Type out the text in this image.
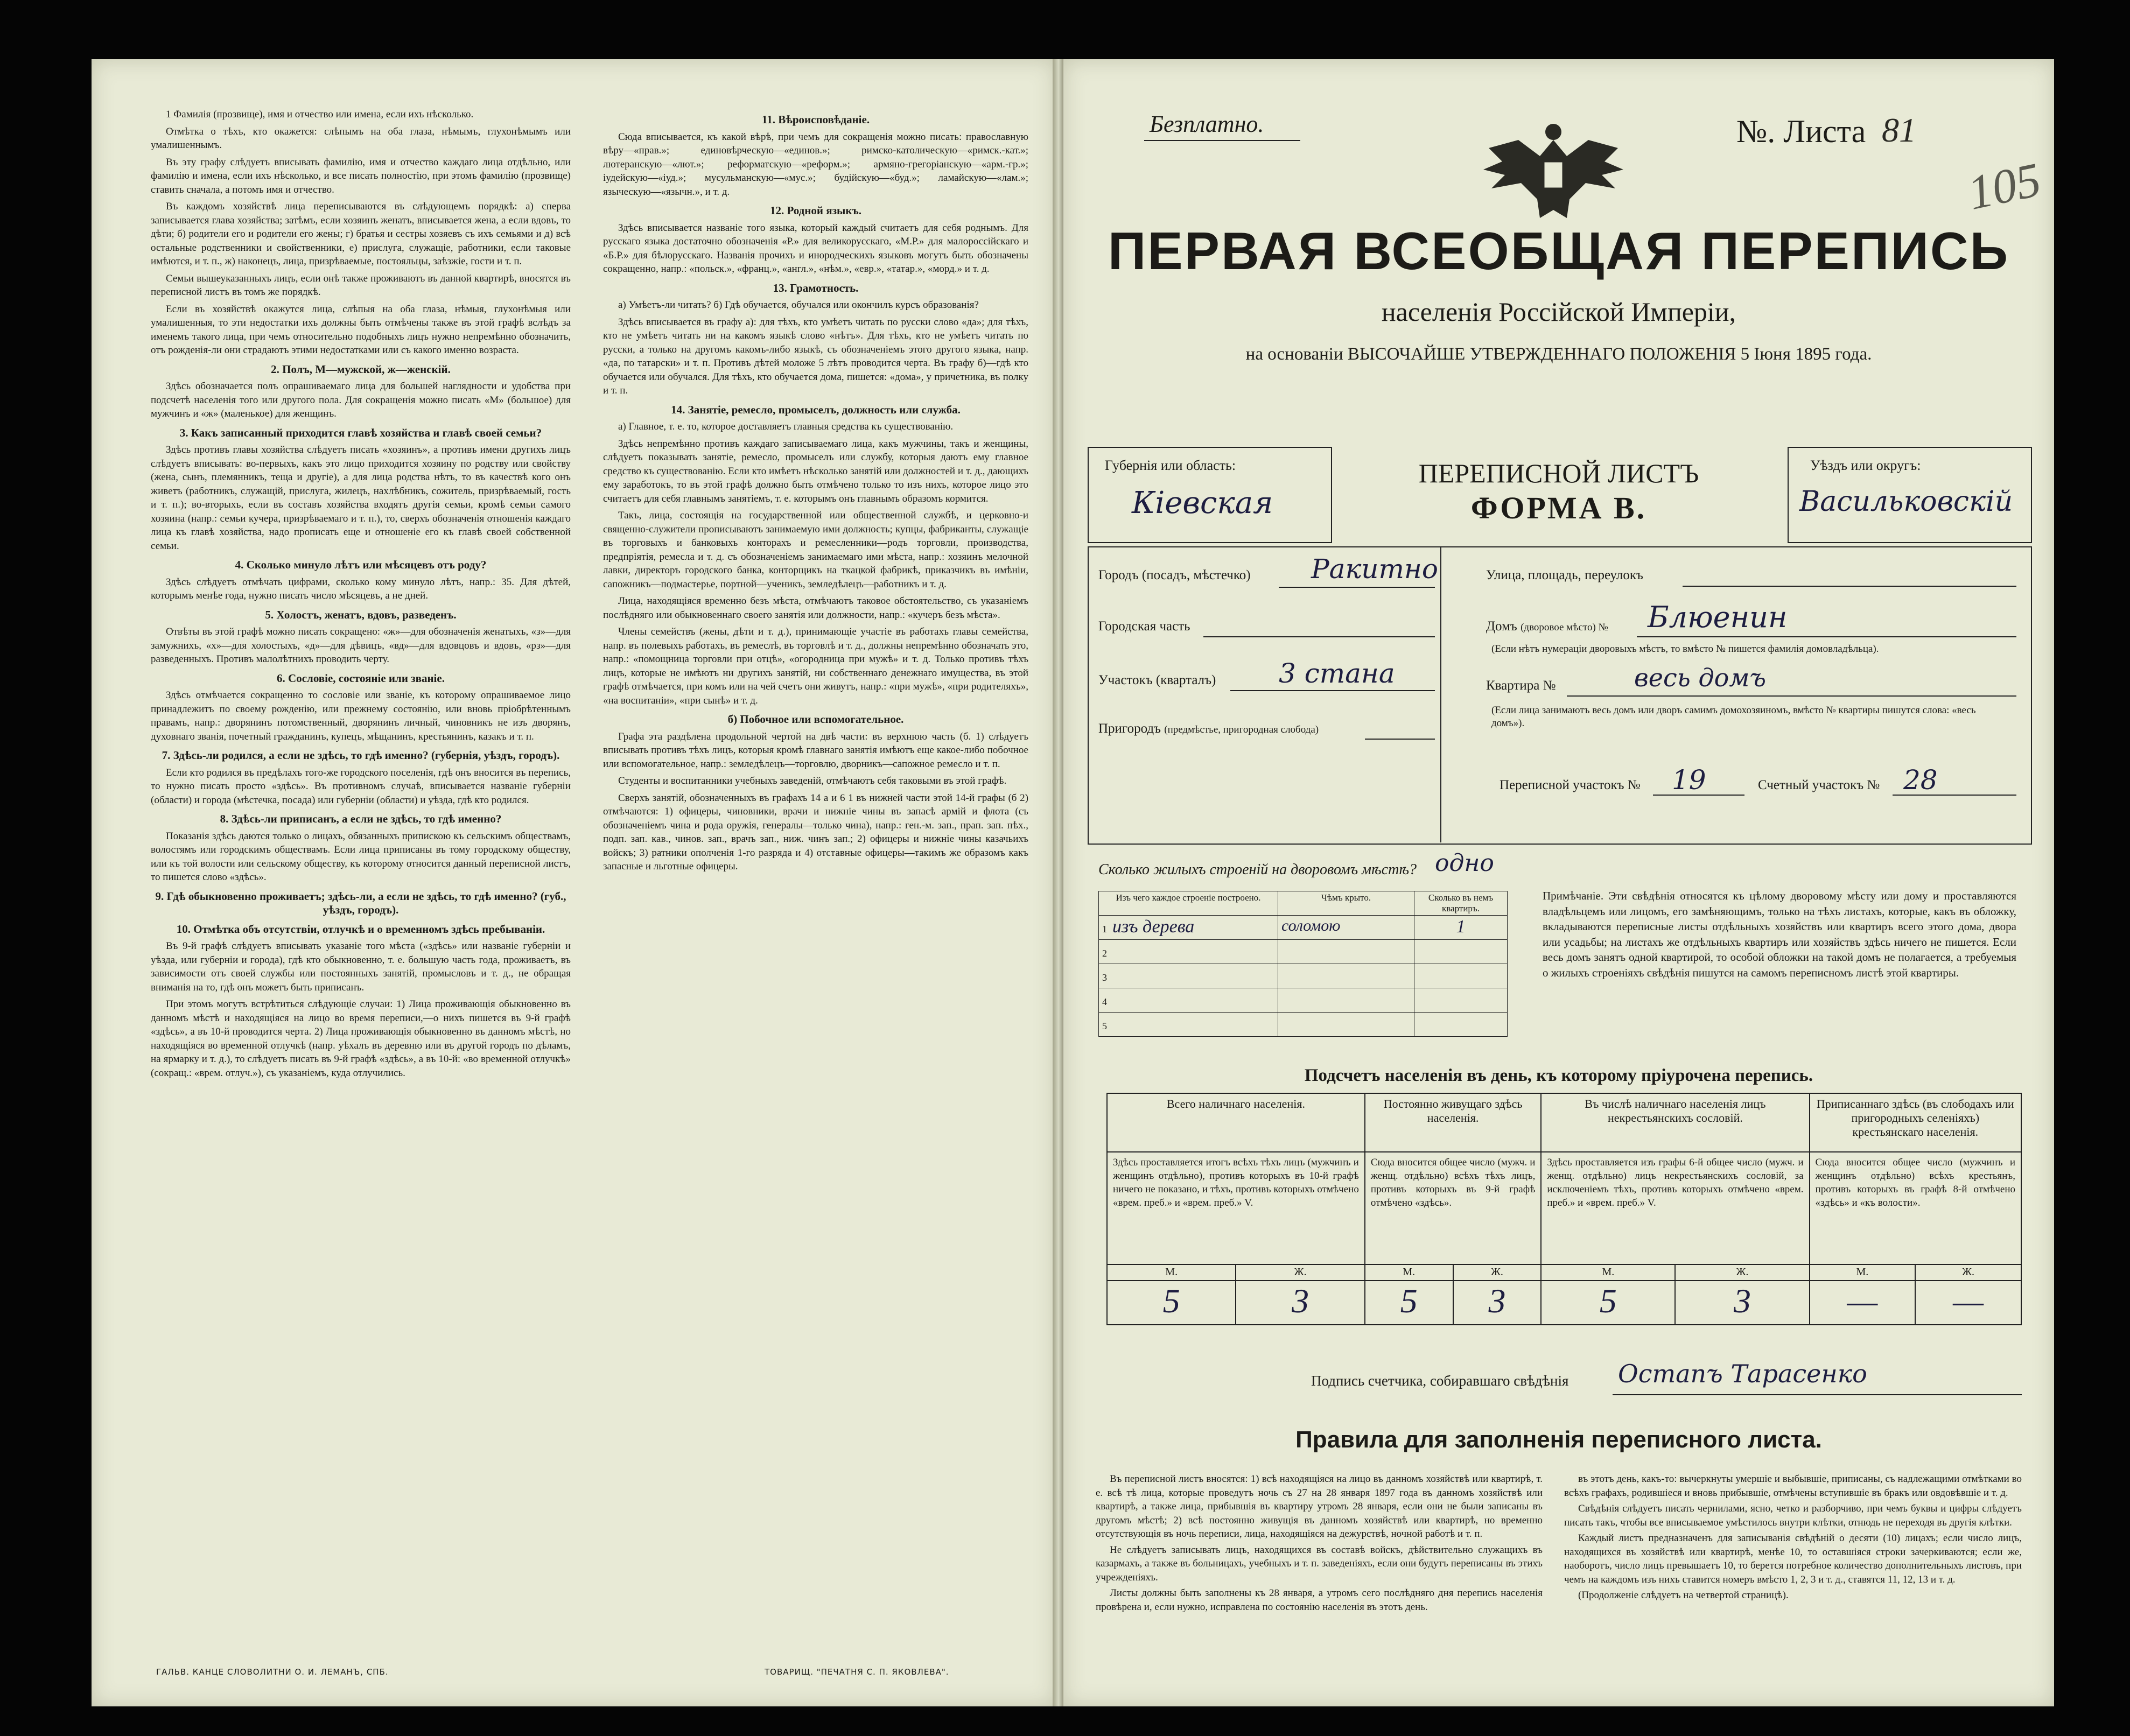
1 Фамилія (прозвище), имя и отчество или имена, если ихъ нѣсколько.

Отмѣтка о тѣхъ, кто окажется: слѣпымъ на оба глаза, нѣмымъ, глухонѣмымъ или умалишеннымъ.

Въ эту графу слѣдуетъ вписывать фамилію, имя и отчество каждаго лица отдѣльно, или фамилію и имена, если ихъ нѣсколько, и все писать полностію, при этомъ фамилію (прозвище) ставить сначала, а потомъ имя и отчество.

Въ каждомъ хозяйствѣ лица переписываются въ слѣдующемъ порядкѣ: а) сперва записывается глава хозяйства; затѣмъ, если хозяинъ женатъ, вписывается жена, а если вдовъ, то дѣти; б) родители его и родители его жены; г) братья и сестры хозяевъ съ ихъ семьями и д) всѣ остальные родственники и свойственники, е) прислуга, служащіе, работники, если таковые имѣются, и т. п., ж) наконецъ, лица, призрѣваемые, постояльцы, заѣзжіе, гости и т. п.

Семьи вышеуказанныхъ лицъ, если онѣ также проживаютъ въ данной квартирѣ, вносятся въ переписной листъ въ томъ же порядкѣ.

Если въ хозяйствѣ окажутся лица, слѣпыя на оба глаза, нѣмыя, глухонѣмыя или умалишенныя, то эти недостатки ихъ должны быть отмѣчены также въ этой графѣ вслѣдъ за именемъ такого лица, при чемъ относительно подобныхъ лицъ нужно непремѣнно обозначить, отъ рожденія-ли они страдаютъ этими недостатками или съ какого именно возраста.

2. Полъ, М—мужской, ж—женскій.

Здѣсь обозначается полъ опрашиваемаго лица для большей наглядности и удобства при подсчетѣ населенія того или другого пола. Для сокращенія можно писать «М» (большое) для мужчинъ и «ж» (маленькое) для женщинъ.

3. Какъ записанный приходится главѣ хозяйства и главѣ своей семьи?

Здѣсь противъ главы хозяйства слѣдуетъ писать «хозяинъ», а противъ имени другихъ лицъ слѣдуетъ вписывать: во-первыхъ, какъ это лицо приходится хозяину по родству или свойству (жена, сынъ, племянникъ, теща и другіе), а для лица родства нѣтъ, то въ качествѣ кого онъ живетъ (работникъ, служащій, прислуга, жилецъ, нахлѣбникъ, сожитель, призрѣваемый, гость и т. п.); во-вторыхъ, если въ составъ хозяйства входятъ другія семьи, кромѣ семьи самого хозяина (напр.: семьи кучера, призрѣваемаго и т. п.), то, сверхъ обозначенія отношенія каждаго лица къ главѣ хозяйства, надо прописать еще и отношеніе его къ главѣ своей собственной семьи.

4. Сколько минуло лѣтъ или мѣсяцевъ отъ роду?

Здѣсь слѣдуетъ отмѣчать цифрами, сколько кому минуло лѣтъ, напр.: 35. Для дѣтей, которымъ менѣе года, нужно писать число мѣсяцевъ, а не дней.

5. Холостъ, женатъ, вдовъ, разведенъ.

Отвѣты въ этой графѣ можно писать сокращено: «ж»—для обозначенія женатыхъ, «з»—для замужнихъ, «х»—для холостыхъ, «д»—для дѣвицъ, «вд»—для вдовцовъ и вдовъ, «рз»—для разведенныхъ. Противъ малолѣтнихъ проводить черту.

6. Сословіе, состояніе или званіе.

Здѣсь отмѣчается сокращенно то сословіе или званіе, къ которому опрашиваемое лицо принадлежитъ по своему рожденію, или прежнему состоянію, или вновь пріобрѣтеннымъ правамъ, напр.: дворянинъ потомственный, дворянинъ личный, чиновникъ не изъ дворянъ, духовнаго званія, почетный гражданинъ, купецъ, мѣщанинъ, крестьянинъ, казакъ и т. п.

7. Здѣсь-ли родился, а если не здѣсь, то гдѣ именно? (губернія, уѣздъ, городъ).

Если кто родился въ предѣлахъ того-же городского поселенія, гдѣ онъ вносится въ перепись, то нужно писать просто «здѣсь». Въ противномъ случаѣ, вписывается названіе губерніи (области) и города (мѣстечка, посада) или губерніи (области) и уѣзда, гдѣ кто родился.

8. Здѣсь-ли приписанъ, а если не здѣсь, то гдѣ именно?

Показанія здѣсь даются только о лицахъ, обязанныхъ припискою къ сельскимъ обществамъ, волостямъ или городскимъ обществамъ. Если лица приписаны въ тому городскому обществу, или къ той волости или сельскому обществу, къ которому относится данный переписной листъ, то пишется слово «здѣсь».

9. Гдѣ обыкновенно проживаетъ; здѣсь-ли, а если не здѣсь, то гдѣ именно? (губ., уѣздъ, городъ).
10. Отмѣтка объ отсутствіи, отлучкѣ и о временномъ здѣсь пребываніи.

Въ 9-й графѣ слѣдуетъ вписывать указаніе того мѣста («здѣсь» или названіе губерніи и уѣзда, или губерніи и города), гдѣ кто обыкновенно, т. е. большую часть года, проживаетъ, въ зависимости отъ своей службы или постоянныхъ занятій, промысловъ и т. д., не обращая вниманія на то, гдѣ онъ можетъ быть приписанъ.

При этомъ могутъ встрѣтиться слѣдующіе случаи: 1) Лица проживающія обыкновенно въ данномъ мѣстѣ и находящіяся на лицо во время переписи,—о нихъ пишется въ 9-й графѣ «здѣсь», а въ 10-й проводится черта. 2) Лица проживающія обыкновенно въ данномъ мѣстѣ, но находящіяся во временной отлучкѣ (напр. уѣхалъ въ деревню или въ другой городъ по дѣламъ, на ярмарку и т. д.), то слѣдуетъ писать въ 9-й графѣ «здѣсь», а въ 10-й: «во временной отлучкѣ» (сокращ.: «врем. отлуч.»), съ указаніемъ, куда отлучились.

11. Вѣроисповѣданіе.

Сюда вписывается, къ какой вѣрѣ, при чемъ для сокращенія можно писать: православную вѣру—«прав.»; единовѣрческую—«единов.»; римско-католическую—«римск.-кат.»; лютеранскую—«лют.»; реформатскую—«реформ.»; армяно-грегоріанскую—«арм.-гр.»; іудейскую—«іуд.»; мусульманскую—«мус.»; будійскую—«буд.»; ламайскую—«лам.»; языческую—«язычн.», и т. д.

12. Родной языкъ.

Здѣсь вписывается названіе того языка, который каждый считаетъ для себя роднымъ. Для русскаго языка достаточно обозначенія «Р.» для великорусскаго, «М.Р.» для малороссійскаго и «Б.Р.» для бѣлорусскаго. Названія прочихъ и инородческихъ языковъ могутъ быть обозначены сокращенно, напр.: «польск.», «франц.», «англ.», «нѣм.», «евр.», «татар.», «морд.» и т. д.

13. Грамотность.

а) Умѣетъ-ли читать? б) Гдѣ обучается, обучался или окончилъ курсъ образованія?

Здѣсь вписывается въ графу а): для тѣхъ, кто умѣетъ читать по русски слово «да»; для тѣхъ, кто не умѣетъ читать ни на какомъ языкѣ слово «нѣтъ». Для тѣхъ, кто не умѣетъ читать по русски, а только на другомъ какомъ-либо языкѣ, съ обозначеніемъ этого другого языка, напр. «да, по татарски» и т. п. Противъ дѣтей моложе 5 лѣтъ проводится черта. Въ графу б)—гдѣ кто обучается или обучался. Для тѣхъ, кто обучается дома, пишется: «дома», у причетника, въ полку и т. п.

14. Занятіе, ремесло, промыселъ, должность или служба.

а) Главное, т. е. то, которое доставляетъ главныя средства къ существованію.

Здѣсь непремѣнно противъ каждаго записываемаго лица, какъ мужчины, такъ и женщины, слѣдуетъ показывать занятіе, ремесло, промыселъ или службу, которыя даютъ ему главное средство къ существованію. Если кто имѣетъ нѣсколько занятій или должностей и т. д., дающихъ ему заработокъ, то въ этой графѣ должно быть отмѣчено только то изъ нихъ, которое лицо это считаетъ для себя главнымъ занятіемъ, т. е. которымъ онъ главнымъ образомъ кормится.

Такъ, лица, состоящія на государственной или общественной службѣ, и церковно-и священно-служители прописываютъ занимаемую ими должность; купцы, фабриканты, служащіе въ торговыхъ и банковыхъ конторахъ и ремесленники—родъ торговли, производства, предпріятія, ремесла и т. д. съ обозначеніемъ занимаемаго ими мѣста, напр.: хозяинъ мелочной лавки, директоръ городского банка, конторщикъ на ткацкой фабрикѣ, приказчикъ въ имѣніи, сапожникъ—подмастерье, портной—ученикъ, земледѣлецъ—работникъ и т. д.

Лица, находящіяся временно безъ мѣста, отмѣчаютъ таковое обстоятельство, съ указаніемъ послѣдняго или обыкновеннаго своего занятія или должности, напр.: «кучеръ безъ мѣста».

Члены семействъ (жены, дѣти и т. д.), принимающіе участіе въ работахъ главы семейства, напр. въ полевыхъ работахъ, въ ремеслѣ, въ торговлѣ и т. д., должны непремѣнно обозначать это, напр.: «помощница торговли при отцѣ», «огородница при мужѣ» и т. д. Только противъ тѣхъ лицъ, которые не имѣютъ ни другихъ занятій, ни собственнаго денежнаго имущества, въ этой графѣ отмѣчается, при комъ или на чей счетъ они живутъ, напр.: «при мужѣ», «при родителяхъ», «на воспитаніи», «при сынѣ» и т. д.

б) Побочное или вспомогательное.

Графа эта раздѣлена продольной чертой на двѣ части: въ верхнюю часть (б. 1) слѣдуетъ вписывать противъ тѣхъ лицъ, которыя кромѣ главнаго занятія имѣютъ еще какое-либо побочное или вспомогательное, напр.: земледѣлецъ—торговлю, дворникъ—сапожное ремесло и т. п.

Студенты и воспитанники учебныхъ заведеній, отмѣчаютъ себя таковыми въ этой графѣ.

Сверхъ занятій, обозначенныхъ въ графахъ 14 а и 6 1 въ нижней части этой 14-й графы (б 2) отмѣчаются: 1) офицеры, чиновники, врачи и нижніе чины въ запасѣ армій и флота (съ обозначеніемъ чина и рода оружія, генералы—только чина), напр.: ген.-м. зап., прап. зап. пѣх., подп. зап. кав., чинов. зап., врачъ зап., ниж. чинъ зап.; 2) офицеры и нижніе чины казачьихъ войскъ; 3) ратники ополченія 1-го разряда и 4) отставные офицеры—такимъ же образомъ какъ запасные и льготные офицеры.

ГАЛЬВ. КАНЦЕ СЛОВОЛИТНИ О. И. ЛЕМАНЪ, СПБ.	ТОВАРИЩ. "ПЕЧАТНЯ С. П. ЯКОВЛЕВА".
Безплатно.	№. Листа 81
105
ПЕРВАЯ ВСЕОБЩАЯ ПЕРЕПИСЬ
населенія Россійской Имперіи,
на основаніи ВЫСОЧАЙШЕ УТВЕРЖДЕННАГО ПОЛОЖЕНІЯ 5 Іюня 1895 года.
Губернія или область:
Кіевская
ПЕРЕПИСНОЙ ЛИСТЪ
ФОРМА В.
Уѣздъ или округъ:
Васильковскій
Городъ (посадъ, мѣстечко) Ракитно
Городская часть
Участокъ (кварталъ) 3 стана
Пригородъ (предмѣстье, пригородная слобода)
Улица, площадь, переулокъ
Домъ (дворовое мѣсто) № Блюенин
(Если нѣтъ нумераціи дворовыхъ мѣстъ, то вмѣсто № пишется фамилія домовладѣльца).
Квартира №	весь домъ
(Если лица занимаютъ весь домъ или дворъ самимъ домохозяиномъ, вмѣсто № квартиры пишутся слова: «весь домъ»).
Переписной участокъ № 19	Счетный участокъ № 28
Сколько жилыхъ строеній на дворовомъ мѣстѣ? одно
Изъ чего каждое строеніе построено.	Чѣмъ крыто.	Сколько въ немъ квартиръ.
1 изъ дерева	соломою	1
2		
3		
4		
5		
Примѣчаніе. Эти свѣдѣнія относятся къ цѣлому дворовому мѣсту или дому и проставляются владѣльцемъ или лицомъ, его замѣняющимъ, только на тѣхъ листахъ, которые, какъ въ обложку, вкладываются переписные листы отдѣльныхъ хозяйствъ или квартиръ всего этого дома, двора или усадьбы; на листахъ же отдѣльныхъ квартиръ или хозяйствъ здѣсь ничего не пишется. Если весь домъ занятъ одной квартирой, то особой обложки на такой домъ не полагается, а требуемыя о жилыхъ строеніяхъ свѣдѣнія пишутся на самомъ переписномъ листѣ этой квартиры.
Подсчетъ населенія въ день, къ которому пріурочена перепись.
Всего наличнаго населенія.		Постоянно живущаго здѣсь населенія.		Въ числѣ наличнаго населенія лицъ некрестьянскихъ сословій.		Приписаннаго здѣсь (въ слободахъ или пригородныхъ селеніяхъ) крестьянскаго населенія.	
Здѣсь проставляется итогъ всѣхъ тѣхъ лицъ (мужчинъ и женщинъ отдѣльно), противъ которыхъ въ 10-й графѣ ничего не показано, и тѣхъ, противъ которыхъ отмѣчено «врем. преб.» и «врем. преб.» V.		Сюда вносится общее число (мужч. и женщ. отдѣльно) всѣхъ тѣхъ лицъ, противъ которыхъ въ 9-й графѣ отмѣчено «здѣсь».		Здѣсь проставляется изъ графы 6-й общее число (мужч. и женщ. отдѣльно) лицъ некрестьянскихъ сословій, за исключеніемъ тѣхъ, противъ которыхъ отмѣчено «врем. преб.» и «врем. преб.» V.		Сюда вносится общее число (мужчинъ и женщинъ отдѣльно) всѣхъ крестьянъ, противъ которыхъ въ графѣ 8-й отмѣчено «здѣсь» и «къ волости».	
М.	Ж.	М.	Ж.	М.	Ж.	М.	Ж.
5	3	5	3	5	3	—	—
Подпись счетчика, собиравшаго свѣдѣнія Остапъ Тарасенко
Правила для заполненія переписного листа.

Въ переписной листъ вносятся: 1) всѣ находящіяся на лицо въ данномъ хозяйствѣ или квартирѣ, т. е. всѣ тѣ лица, которые проведутъ ночь съ 27 на 28 января 1897 года въ данномъ хозяйствѣ или квартирѣ, а также лица, прибывшія въ квартиру утромъ 28 января, если они не были записаны въ другомъ мѣстѣ; 2) всѣ постоянно живущія въ данномъ хозяйствѣ или квартирѣ, но временно отсутствующія въ ночь переписи, лица, находящіяся на дежурствѣ, ночной работѣ и т. п.

Не слѣдуетъ записывать лицъ, находящихся въ составѣ войскъ, дѣйствительно служащихъ въ казармахъ, а также въ больницахъ, учебныхъ и т. п. заведеніяхъ, если они будутъ переписаны въ этихъ учрежденіяхъ.

Листы должны быть заполнены къ 28 января, а утромъ сего послѣдняго дня перепись населенія провѣрена и, если нужно, исправлена по состоянію населенія въ этотъ день.

въ этотъ день, какъ-то: вычеркнуты умершіе и выбывшіе, приписаны, съ надлежащими отмѣтками во всѣхъ графахъ, родившіеся и вновь прибывшіе, отмѣчены вступившіе въ бракъ или овдовѣвшіе и т. д.

Свѣдѣнія слѣдуетъ писать чернилами, ясно, четко и разборчиво, при чемъ буквы и цифры слѣдуетъ писать такъ, чтобы все вписываемое умѣстилось внутри клѣтки, отнюдь не переходя въ другія клѣтки.

Каждый листъ предназначенъ для записыванія свѣдѣній о десяти (10) лицахъ; если число лицъ, находящихся въ хозяйствѣ или квартирѣ, менѣе 10, то оставшіяся строки зачеркиваются; если же, наоборотъ, число лицъ превышаетъ 10, то берется потребное количество дополнительныхъ листовъ, при чемъ на каждомъ изъ нихъ ставится номеръ вмѣсто 1, 2, 3 и т. д., ставятся 11, 12, 13 и т. д.

(Продолженіе слѣдуетъ на четвертой страницѣ).
